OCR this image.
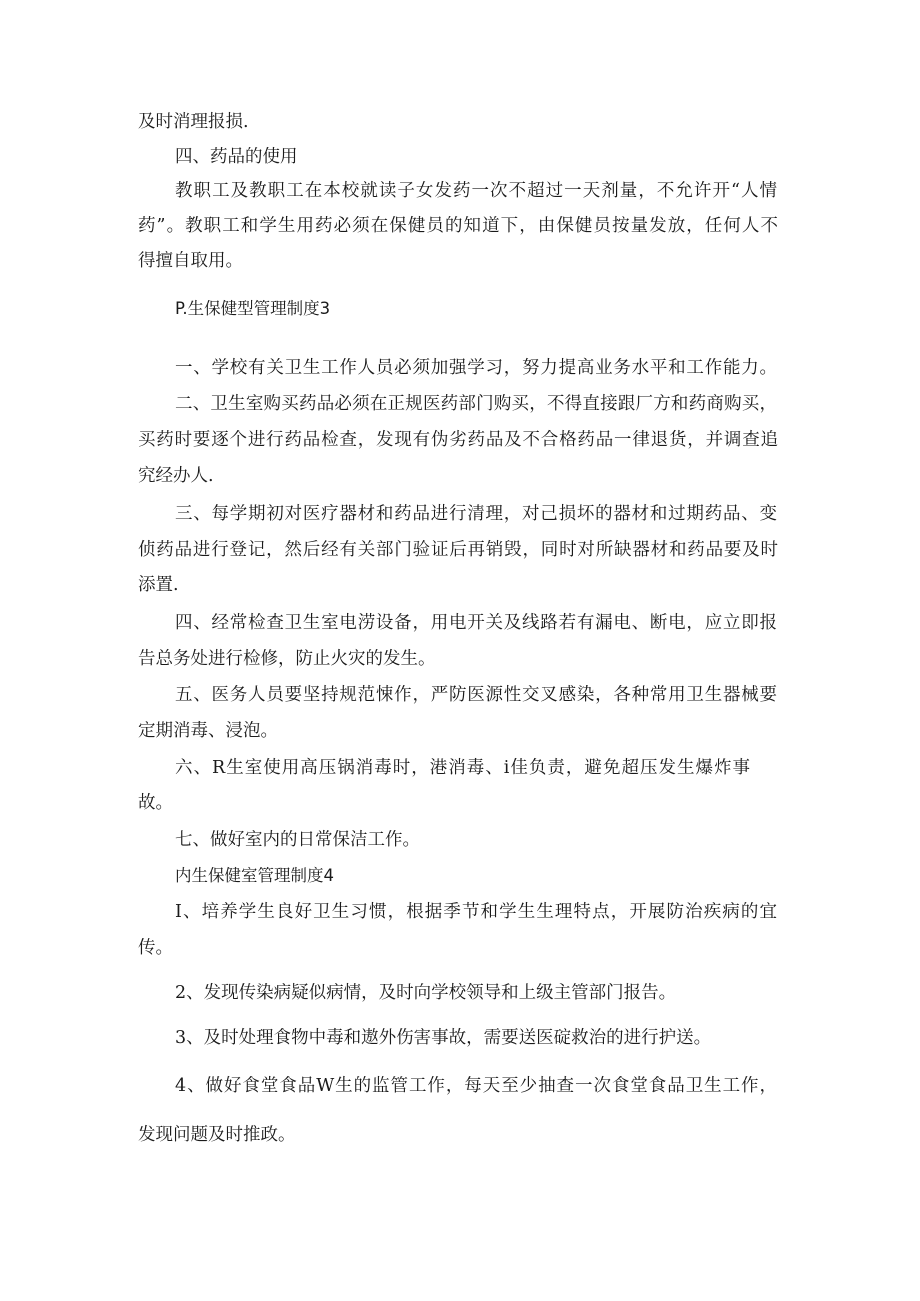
及时消理报损.

四、药品的使用

教职工及教职工在本校就读子女发药一次不超过一天剂量，不允许开“人情

药”。教职工和学生用药必须在保健员的知道下，由保健员按量发放，任何人不

得擅自取用。

P.生保健型管理制度3

一、学校有关卫生工作人员必须加强学习，努力提高业务水平和工作能力。

二、卫生室购买药品必须在正规医药部门购买，不得直接跟厂方和药商购买，

买药时要逐个进行药品检查，发现有伪劣药品及不合格药品一律退货，并调查追

究经办人.

三、每学期初对医疗器材和药品进行清理，对己损坏的器材和过期药品、变

侦药品进行登记，然后经有关部门验证后再销毁，同时对所缺器材和药品要及时

添置.

四、经常检查卫生室电涝设备，用电开关及线路若有漏电、断电，应立即报

告总务处进行检修，防止火灾的发生。

五、医务人员要坚持规范悚作，严防医源性交叉感染，各种常用卫生器械要

定期消毒、浸泡。

六、R生室使用高压锅消毒时，港消毒、i佳负责，避免超压发生爆炸事

故。

七、做好室内的日常保洁工作。

内生保健室管理制度4

I、培养学生良好卫生习惯，根据季节和学生生理特点，开展防治疾病的宜

传。

2、发现传染病疑似病情，及时向学校领导和上级主管部门报告。

3、及时处理食物中毒和遨外伤害事故，需要送医碇救治的进行护送。

4、做好食堂食品W生的监管工作，每天至少抽查一次食堂食品卫生工作，

发现问题及时推政。
